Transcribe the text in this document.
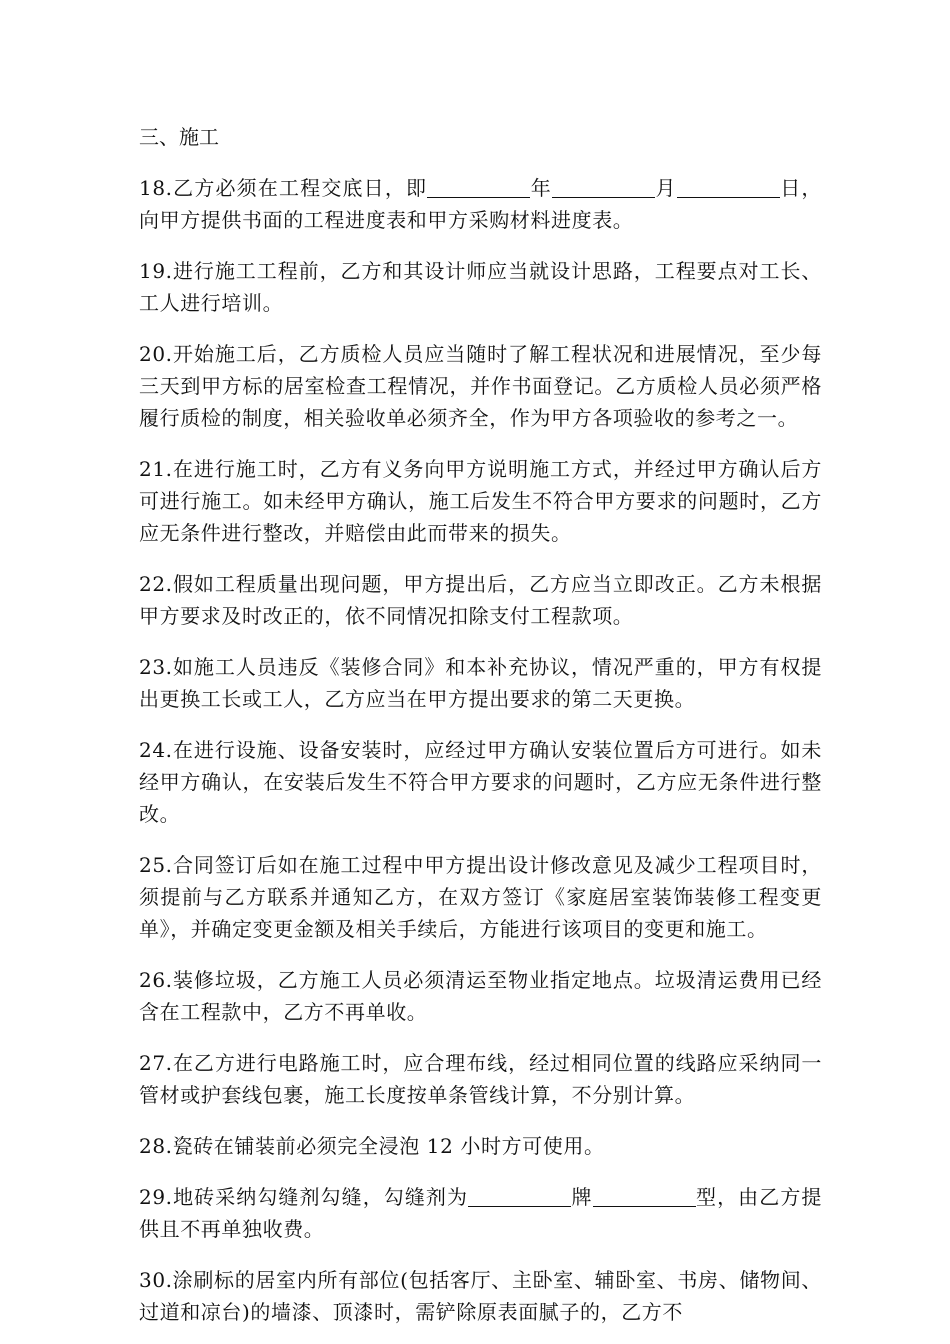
三、施工
18.乙方必须在工程交底日，即	年	月	日，向甲方提供书面的工程进度表和甲方采购材料进度表。
19.进行施工工程前，乙方和其设计师应当就设计思路，工程要点对工长、工人进行培训。
20.开始施工后，乙方质检人员应当随时了解工程状况和进展情况，至少每三天到甲方标的居室检查工程情况，并作书面登记。乙方质检人员必须严格履行质检的制度，相关验收单必须齐全，作为甲方各项验收的参考之一。
21.在进行施工时，乙方有义务向甲方说明施工方式，并经过甲方确认后方可进行施工。如未经甲方确认，施工后发生不符合甲方要求的问题时，乙方应无条件进行整改，并赔偿由此而带来的损失。
22.假如工程质量出现问题，甲方提出后，乙方应当立即改正。乙方未根据甲方要求及时改正的，依不同情况扣除支付工程款项。
23.如施工人员违反《装修合同》和本补充协议，情况严重的，甲方有权提出更换工长或工人，乙方应当在甲方提出要求的第二天更换。
24.在进行设施、设备安装时，应经过甲方确认安装位置后方可进行。如未经甲方确认，在安装后发生不符合甲方要求的问题时，乙方应无条件进行整改。
25.合同签订后如在施工过程中甲方提出设计修改意见及减少工程项目时，须提前与乙方联系并通知乙方，在双方签订《家庭居室装饰装修工程变更单》，并确定变更金额及相关手续后，方能进行该项目的变更和施工。
26.装修垃圾，乙方施工人员必须清运至物业指定地点。垃圾清运费用已经含在工程款中，乙方不再单收。
27.在乙方进行电路施工时，应合理布线，经过相同位置的线路应采纳同一管材或护套线包裹，施工长度按单条管线计算，不分别计算。
28.瓷砖在铺装前必须完全浸泡 12 小时方可使用。
29.地砖采纳勾缝剂勾缝，勾缝剂为	牌	型，由乙方提供且不再单独收费。
30.涂刷标的居室内所有部位(包括客厅、主卧室、辅卧室、书房、储物间、过道和凉台)的墙漆、顶漆时，需铲除原表面腻子的，乙方不
